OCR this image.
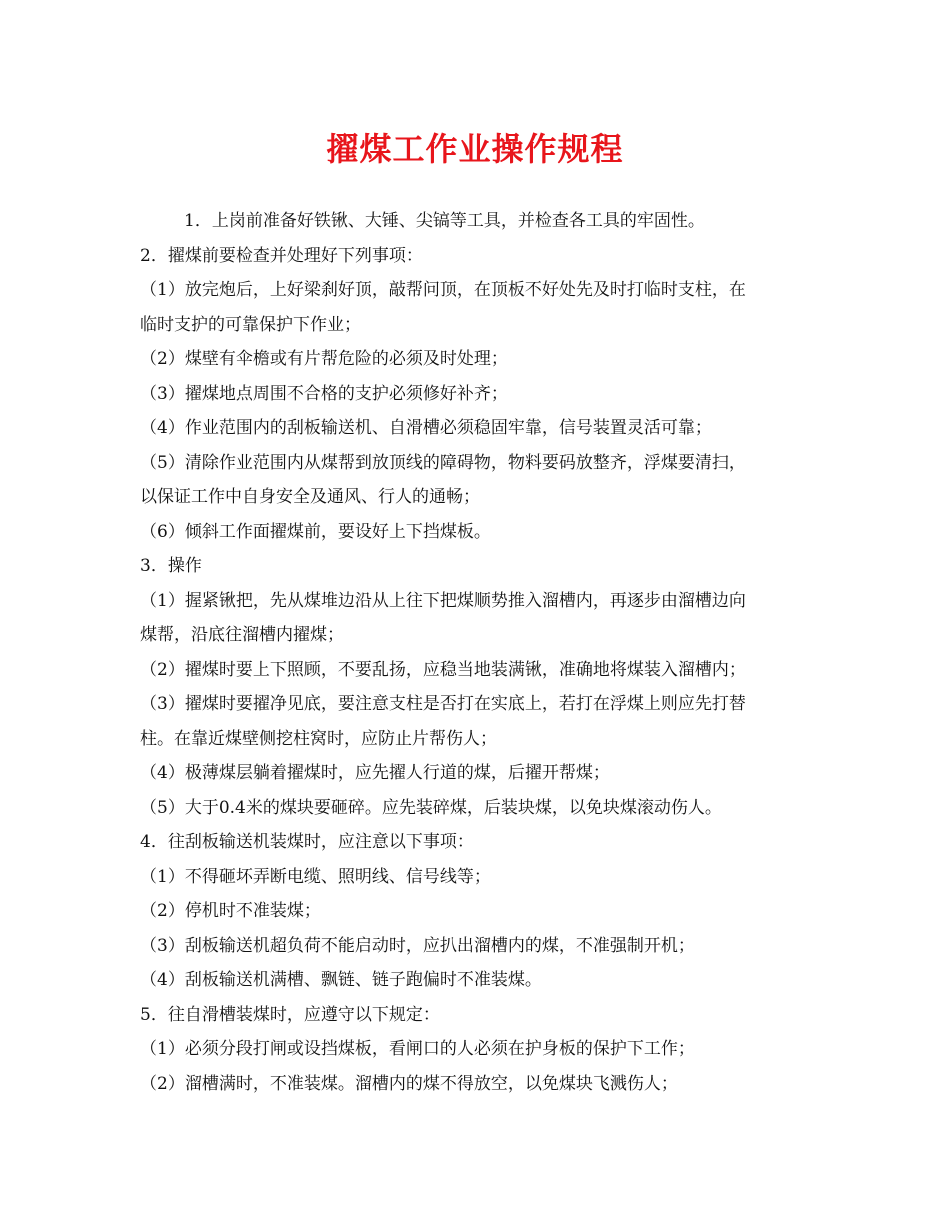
擢煤工作业操作规程
1．上岗前准备好铁锹、大锤、尖镐等工具，并检查各工具的牢固性。
2．擢煤前要检查并处理好下列事项：
（1）放完炮后，上好梁刹好顶，敲帮问顶，在顶板不好处先及时打临时支柱，在
临时支护的可靠保护下作业；
（2）煤壁有伞檐或有片帮危险的必须及时处理；
（3）擢煤地点周围不合格的支护必须修好补齐；
（4）作业范围内的刮板输送机、自滑槽必须稳固牢靠，信号装置灵活可靠；
（5）清除作业范围内从煤帮到放顶线的障碍物，物料要码放整齐，浮煤要清扫，
以保证工作中自身安全及通风、行人的通畅；
（6）倾斜工作面擢煤前，要设好上下挡煤板。
3．操作
（1）握紧锹把，先从煤堆边沿从上往下把煤顺势推入溜槽内，再逐步由溜槽边向
煤帮，沿底往溜槽内擢煤；
（2）擢煤时要上下照顾，不要乱扬，应稳当地装满锹，准确地将煤装入溜槽内；
（3）擢煤时要擢净见底，要注意支柱是否打在实底上，若打在浮煤上则应先打替
柱。在靠近煤壁侧挖柱窝时，应防止片帮伤人；
（4）极薄煤层躺着擢煤时，应先擢人行道的煤，后擢开帮煤；
（5）大于0.4米的煤块要砸碎。应先装碎煤，后装块煤，以免块煤滚动伤人。
4．往刮板输送机装煤时，应注意以下事项：
（1）不得砸坏弄断电缆、照明线、信号线等；
（2）停机时不准装煤；
（3）刮板输送机超负荷不能启动时，应扒出溜槽内的煤，不准强制开机；
（4）刮板输送机满槽、飘链、链子跑偏时不准装煤。
5．往自滑槽装煤时，应遵守以下规定：
（1）必须分段打闸或设挡煤板，看闸口的人必须在护身板的保护下工作；
（2）溜槽满时，不准装煤。溜槽内的煤不得放空，以免煤块飞溅伤人；
